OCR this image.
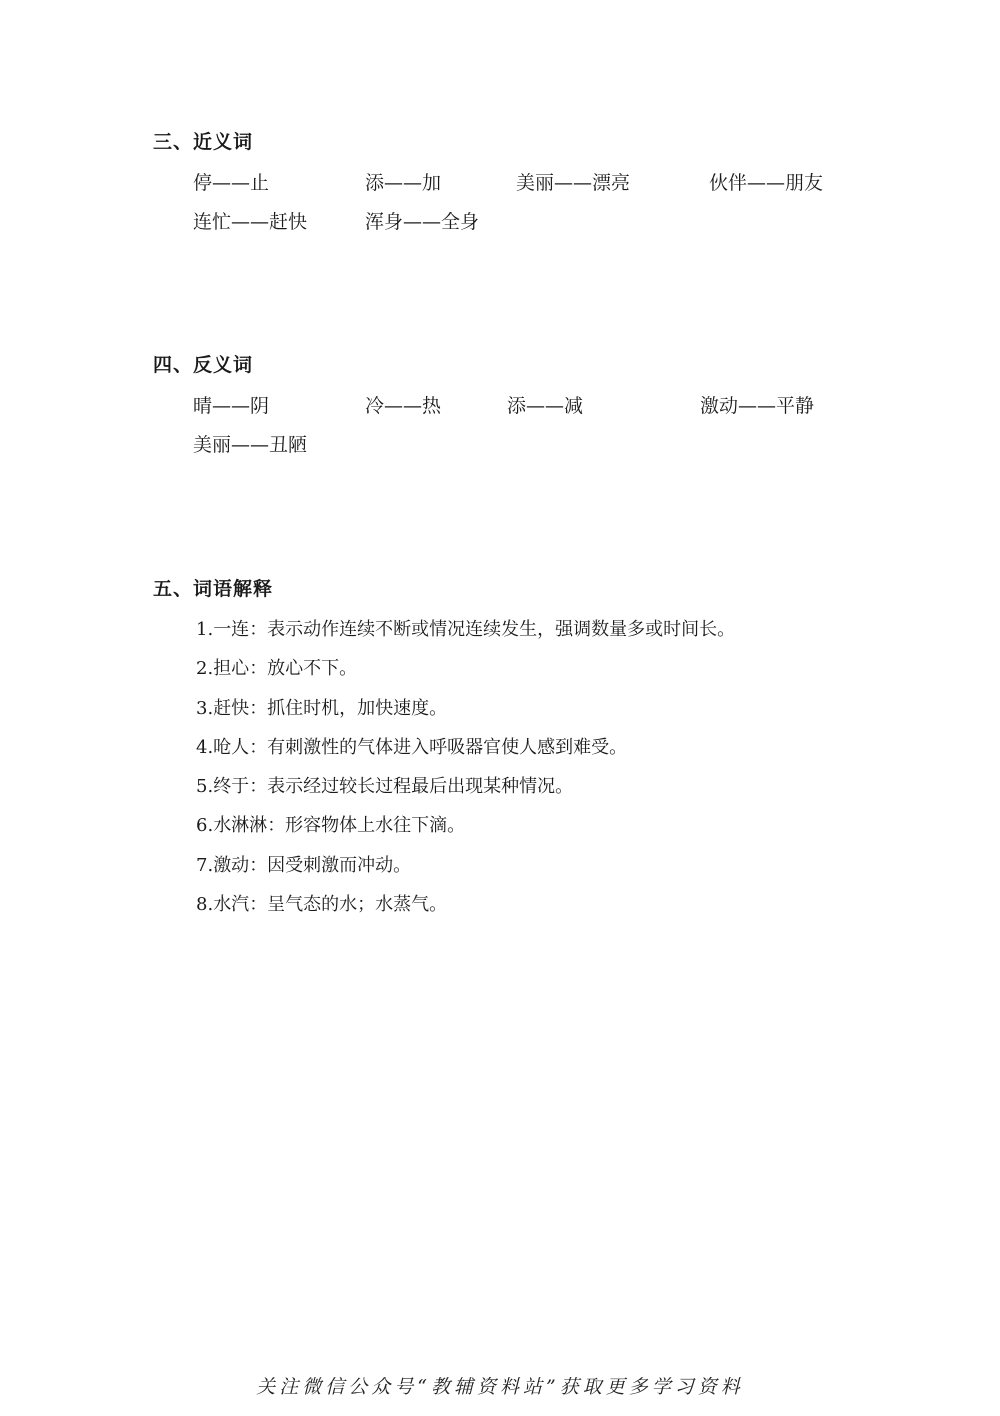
三、近义词
停——止	添——加	美丽——漂亮	伙伴——朋友
连忙——赶快	浑身——全身
四、反义词
晴——阴	冷——热	添——减	激动——平静
美丽——丑陋
五、词语解释
1.一连：表示动作连续不断或情况连续发生，强调数量多或时间长。
2.担心：放心不下。
3.赶快：抓住时机，加快速度。
4.呛人：有刺激性的气体进入呼吸器官使人感到难受。
5.终于：表示经过较长过程最后出现某种情况。
6.水淋淋：形容物体上水往下滴。
7.激动：因受刺激而冲动。
8.水汽：呈气态的水；水蒸气。
关注微信公众号“教辅资料站”获取更多学习资料
